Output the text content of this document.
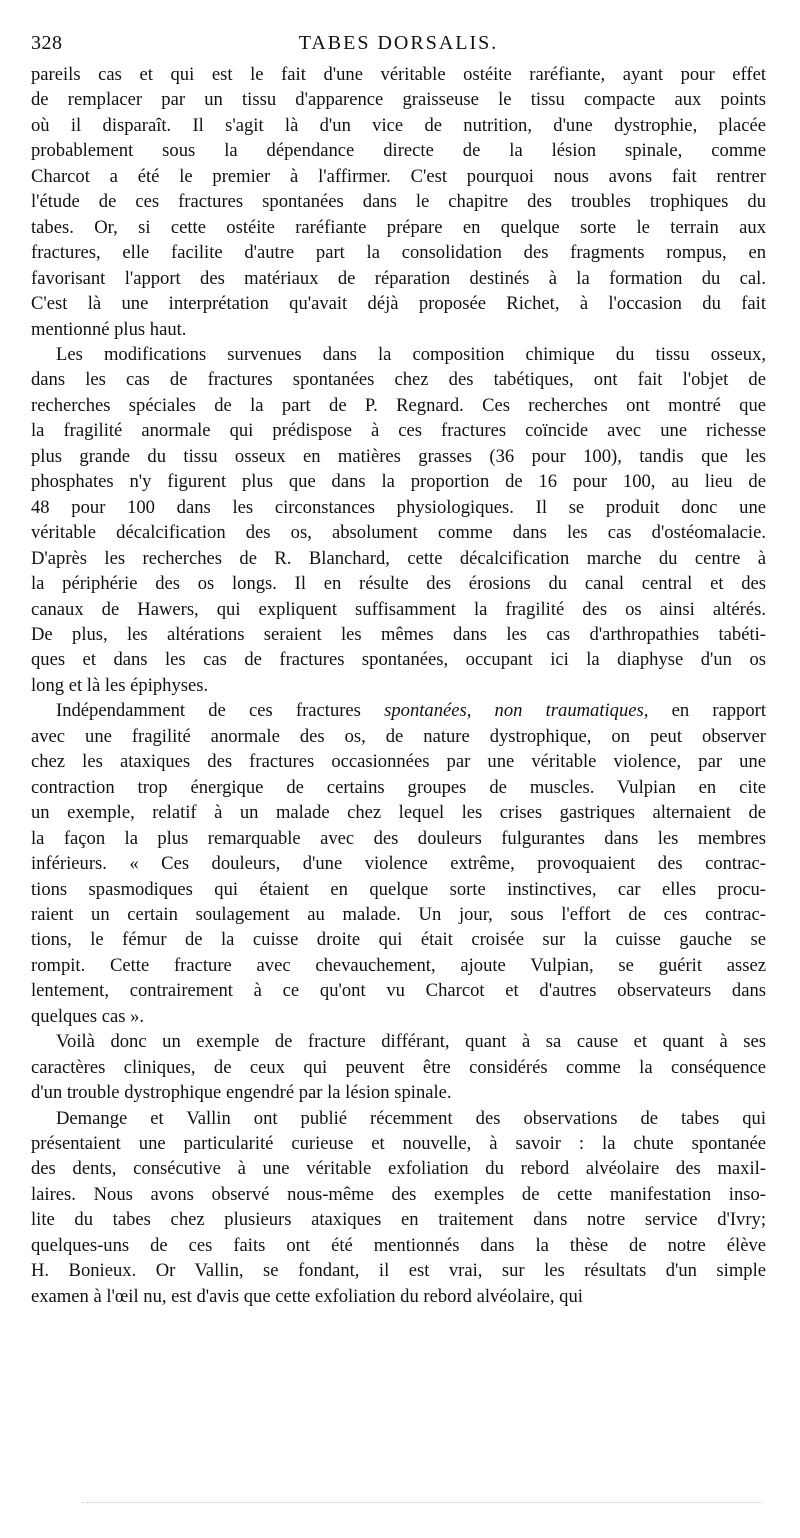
328	TABES DORSALIS.
pareils cas et qui est le fait d'une véritable ostéite raréfiante, ayant pour effet
de remplacer par un tissu d'apparence graisseuse le tissu compacte aux points
où il disparaît. Il s'agit là d'un vice de nutrition, d'une dystrophie, placée
probablement sous la dépendance directe de la lésion spinale, comme
Charcot a été le premier à l'affirmer. C'est pourquoi nous avons fait rentrer
l'étude de ces fractures spontanées dans le chapitre des troubles trophiques du
tabes. Or, si cette ostéite raréfiante prépare en quelque sorte le terrain aux
fractures, elle facilite d'autre part la consolidation des fragments rompus, en
favorisant l'apport des matériaux de réparation destinés à la formation du cal.
C'est là une interprétation qu'avait déjà proposée Richet, à l'occasion du fait
mentionné plus haut.
Les modifications survenues dans la composition chimique du tissu osseux,
dans les cas de fractures spontanées chez des tabétiques, ont fait l'objet de
recherches spéciales de la part de P. Regnard. Ces recherches ont montré que
la fragilité anormale qui prédispose à ces fractures coïncide avec une richesse
plus grande du tissu osseux en matières grasses (36 pour 100), tandis que les
phosphates n'y figurent plus que dans la proportion de 16 pour 100, au lieu de
48 pour 100 dans les circonstances physiologiques. Il se produit donc une
véritable décalcification des os, absolument comme dans les cas d'ostéomalacie.
D'après les recherches de R. Blanchard, cette décalcification marche du centre à
la périphérie des os longs. Il en résulte des érosions du canal central et des
canaux de Hawers, qui expliquent suffisamment la fragilité des os ainsi altérés.
De plus, les altérations seraient les mêmes dans les cas d'arthropathies tabéti-
ques et dans les cas de fractures spontanées, occupant ici la diaphyse d'un os
long et là les épiphyses.
Indépendamment de ces fractures spontanées, non traumatiques, en rapport
avec une fragilité anormale des os, de nature dystrophique, on peut observer
chez les ataxiques des fractures occasionnées par une véritable violence, par une
contraction trop énergique de certains groupes de muscles. Vulpian en cite
un exemple, relatif à un malade chez lequel les crises gastriques alternaient de
la façon la plus remarquable avec des douleurs fulgurantes dans les membres
inférieurs. « Ces douleurs, d'une violence extrême, provoquaient des contrac-
tions spasmodiques qui étaient en quelque sorte instinctives, car elles procu-
raient un certain soulagement au malade. Un jour, sous l'effort de ces contrac-
tions, le fémur de la cuisse droite qui était croisée sur la cuisse gauche se
rompit. Cette fracture avec chevauchement, ajoute Vulpian, se guérit assez
lentement, contrairement à ce qu'ont vu Charcot et d'autres observateurs dans
quelques cas ».
Voilà donc un exemple de fracture différant, quant à sa cause et quant à ses
caractères cliniques, de ceux qui peuvent être considérés comme la conséquence
d'un trouble dystrophique engendré par la lésion spinale.
Demange et Vallin ont publié récemment des observations de tabes qui
présentaient une particularité curieuse et nouvelle, à savoir : la chute spontanée
des dents, consécutive à une véritable exfoliation du rebord alvéolaire des maxil-
laires. Nous avons observé nous-même des exemples de cette manifestation inso-
lite du tabes chez plusieurs ataxiques en traitement dans notre service d'Ivry;
quelques-uns de ces faits ont été mentionnés dans la thèse de notre élève
H. Bonieux. Or Vallin, se fondant, il est vrai, sur les résultats d'un simple
examen à l'œil nu, est d'avis que cette exfoliation du rebord alvéolaire, qui
